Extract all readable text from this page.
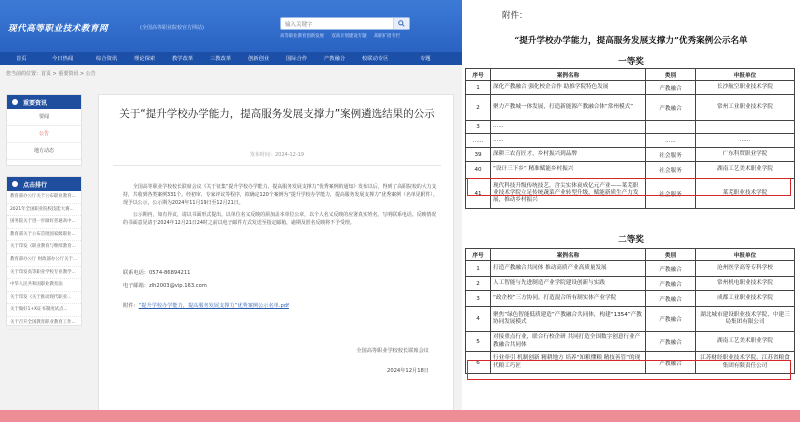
现代高等职业技术教育网	(全国高等职业院校官方网站)
输入关键字
高等职业教育创新发展 双高计划建设专题 高职扩招专栏
首页	今日热闻	综合资讯	理论探索	教学改革	三教改革	创新创业	国际合作	产教融合	校联动专区	专题
您当前的位置：首页 > 重要资讯 > 公告
重要资讯
要闻
公告
地方动态
点击排行
教育部办公厅关于公布职业教育...
2021年全国职业院校技能大赛...
国务院关于进一步做好普通高中...
教育部关于公布首批国家级职业...
关于印发《职业教育与继续教育...
教育部办公厅 财政部办公厅关于...
关于印发高等职业学校专业教学...
中华人民共和国职业教育法
关于印发《关于推动现代职业...
关于做好1+X证书制度试点...
关于召开全国教育职业教育工作...
关于“提升学校办学能力，提高服务发展支撑力”案例遴选结果的公示
发布时间：2024-12-19

全国高等职业学校校长联席会议《关于征集“提升学校办学能力、提高服务发展支撑力”优秀案例的通知》发布以后，得到了高职院校的大力支持，共收到各类案例331个。经初审、专家评议等程序，拟确定120个案例为“提升学校办学能力，提高服务发展支撑力”优秀案例（名单见附件）。现予以公示，公示期为2024年11月19日至12月21日。

公示期内，如有异议，请以书面形式提出。以单位名义反映的须加盖本单位公章，以个人名义反映的应署真实姓名，写明联系电话。反映情况的书面意见请于2024年12月21日24时之前以电子邮件方式发送至指定邮箱，逾期及匿名反映将不予受理。

联系电话：0574-86894211
电子邮箱：zlh2003@vip.163.com
附件：“提升学校办学能力，提高服务发展支撑力”优秀案例公示名单.pdf
全国高等职业学校校长联席会议
2024年12月18日
附件：
“提升学校办学能力，提高服务发展支撑力”优秀案例公示名单
一等奖
序号	案例名称	类别	申报单位
1	深化产教融合 强化校企合作 助推学院特色发展	产教融合	长沙航空职业技术学院
2	聚力产教城一体发展，打造新能源产教融合体“常州模式”	产教融合	常州工业职业技术学院
3	......		
......	......	......	......
39	深耕三农育匠才，乡村振兴到品牌	社会服务	广东科贸职业学院
40	“设计三下乡” 精准赋能乡村振兴	社会服务	湖南工艺美术职业学院
41	现代科技升级传统技艺，含尖实体衰成亿元产业——莱芜职业技术学院立足传统蔬菜产业转型升级，赋能新质生产力发展，推动乡村振兴	社会服务	莱芜职业技术学院
二等奖
序号	案例名称	类别	申报单位
1	打造产教融合共同体 推动高质产业高质量发展	产教融合	沧州医学高等专科学校
2	人工智能与先进制造产业学院建设创新与实践	产教融合	常州机电职业技术学院
3	“政企校”三方协同，打造混合所有制实体产业学院	产教融合	成都工业职业技术学院
4	聚焦“绿色智能低质建造”产教融合共同体，构建“1354”产教协同发展模式	产教融合	湖北城市建设职业技术学院、中建三局集团有限公司
5	对接重点行业，联合行校企研 共同打造全国数字创意行业产教融合共同体	产教融合	湖南工艺美术职业学院
6	行业牵引 机制创新 精耕地方 培养“知粮懂粮 精技善管”的现代粮工巧匠	产教融合	江苏财经职业技术学院、江苏省粮食集团有限责任公司
